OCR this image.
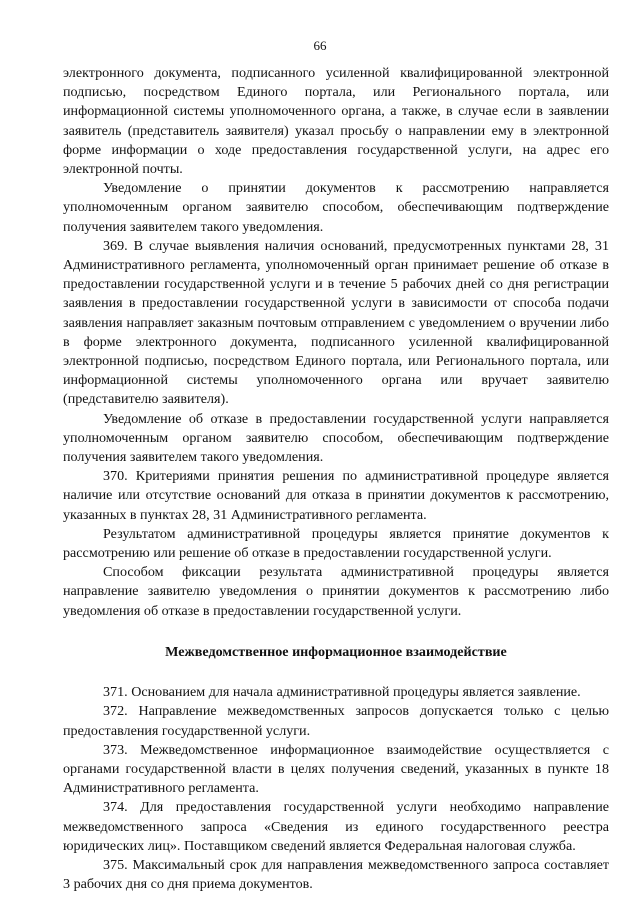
66

электронного документа, подписанного усиленной квалифицированной электронной подписью, посредством Единого портала, или Регионального портала, или информационной системы уполномоченного органа, а также, в случае если в заявлении заявитель (представитель заявителя) указал просьбу о направлении ему в электронной форме информации о ходе предоставления государственной услуги, на адрес его электронной почты.

Уведомление о принятии документов к рассмотрению направляется уполномоченным органом заявителю способом, обеспечивающим подтверждение получения заявителем такого уведомления.

369. В случае выявления наличия оснований, предусмотренных пунктами 28, 31 Административного регламента, уполномоченный орган принимает решение об отказе в предоставлении государственной услуги и в течение 5 рабочих дней со дня регистрации заявления в предоставлении государственной услуги в зависимости от способа подачи заявления направляет заказным почтовым отправлением с уведомлением о вручении либо в форме электронного документа, подписанного усиленной квалифицированной электронной подписью, посредством Единого портала, или Регионального портала, или информационной системы уполномоченного органа или вручает заявителю (представителю заявителя).

Уведомление об отказе в предоставлении государственной услуги направляется уполномоченным органом заявителю способом, обеспечивающим подтверждение получения заявителем такого уведомления.

370. Критериями принятия решения по административной процедуре является наличие или отсутствие оснований для отказа в принятии документов к рассмотрению, указанных в пунктах 28, 31 Административного регламента.

Результатом административной процедуры является принятие документов к рассмотрению или решение об отказе в предоставлении государственной услуги.

Способом фиксации результата административной процедуры является направление заявителю уведомления о принятии документов к рассмотрению либо уведомления об отказе в предоставлении государственной услуги.

Межведомственное информационное взаимодействие

371. Основанием для начала административной процедуры является заявление.

372. Направление межведомственных запросов допускается только с целью предоставления государственной услуги.

373. Межведомственное информационное взаимодействие осуществляется с органами государственной власти в целях получения сведений, указанных в пункте 18 Административного регламента.

374. Для предоставления государственной услуги необходимо направление межведомственного запроса «Сведения из единого государственного реестра юридических лиц». Поставщиком сведений является Федеральная налоговая служба.

375. Максимальный срок для направления межведомственного запроса составляет 3 рабочих дня со дня приема документов.
